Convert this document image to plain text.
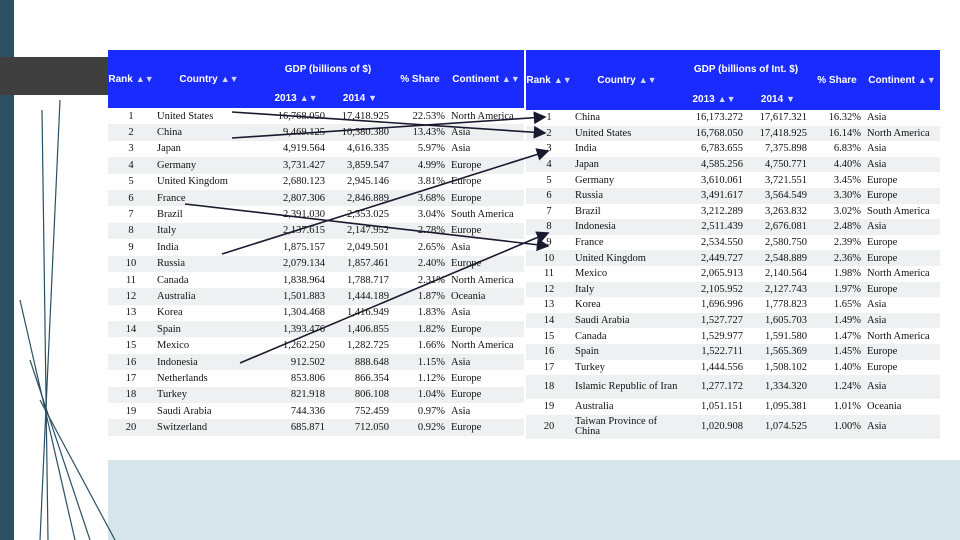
Rank ▲▼	Country ▲▼	GDP (billions of $)		% Share	Continent ▲▼
		2013 ▲▼	2014 ▼		
1	United States	16,768.050	17,418.925	22.53%	North America
2	China	9,469.125	10,380.380	13.43%	Asia
3	Japan	4,919.564	4,616.335	5.97%	Asia
4	Germany	3,731.427	3,859.547	4.99%	Europe
5	United Kingdom	2,680.123	2,945.146	3.81%	Europe
6	France	2,807.306	2,846.889	3.68%	Europe
7	Brazil	2,391.030	2,353.025	3.04%	South America
8	Italy	2,137.615	2,147.952	2.78%	Europe
9	India	1,875.157	2,049.501	2.65%	Asia
10	Russia	2,079.134	1,857.461	2.40%	Europe
11	Canada	1,838.964	1,788.717	2.31%	North America
12	Australia	1,501.883	1,444.189	1.87%	Oceania
13	Korea	1,304.468	1,416.949	1.83%	Asia
14	Spain	1,393.476	1,406.855	1.82%	Europe
15	Mexico	1,262.250	1,282.725	1.66%	North America
16	Indonesia	912.502	888.648	1.15%	Asia
17	Netherlands	853.806	866.354	1.12%	Europe
18	Turkey	821.918	806.108	1.04%	Europe
19	Saudi Arabia	744.336	752.459	0.97%	Asia
20	Switzerland	685.871	712.050	0.92%	Europe
Rank ▲▼	Country ▲▼	GDP (billions of Int. $)		% Share	Continent ▲▼
		2013 ▲▼	2014 ▼		
1	China	16,173.272	17,617.321	16.32%	Asia
2	United States	16,768.050	17,418.925	16.14%	North America
3	India	6,783.655	7,375.898	6.83%	Asia
4	Japan	4,585.256	4,750.771	4.40%	Asia
5	Germany	3,610.061	3,721.551	3.45%	Europe
6	Russia	3,491.617	3,564.549	3.30%	Europe
7	Brazil	3,212.289	3,263.832	3.02%	South America
8	Indonesia	2,511.439	2,676.081	2.48%	Asia
9	France	2,534.550	2,580.750	2.39%	Europe
10	United Kingdom	2,449.727	2,548.889	2.36%	Europe
11	Mexico	2,065.913	2,140.564	1.98%	North America
12	Italy	2,105.952	2,127.743	1.97%	Europe
13	Korea	1,696.996	1,778.823	1.65%	Asia
14	Saudi Arabia	1,527.727	1,605.703	1.49%	Asia
15	Canada	1,529.977	1,591.580	1.47%	North America
16	Spain	1,522.711	1,565.369	1.45%	Europe
17	Turkey	1,444.556	1,508.102	1.40%	Europe
18	Islamic Republic of Iran	1,277.172	1,334.320	1.24%	Asia
19	Australia	1,051.151	1,095.381	1.01%	Oceania
20	Taiwan Province of China	1,020.908	1,074.525	1.00%	Asia
